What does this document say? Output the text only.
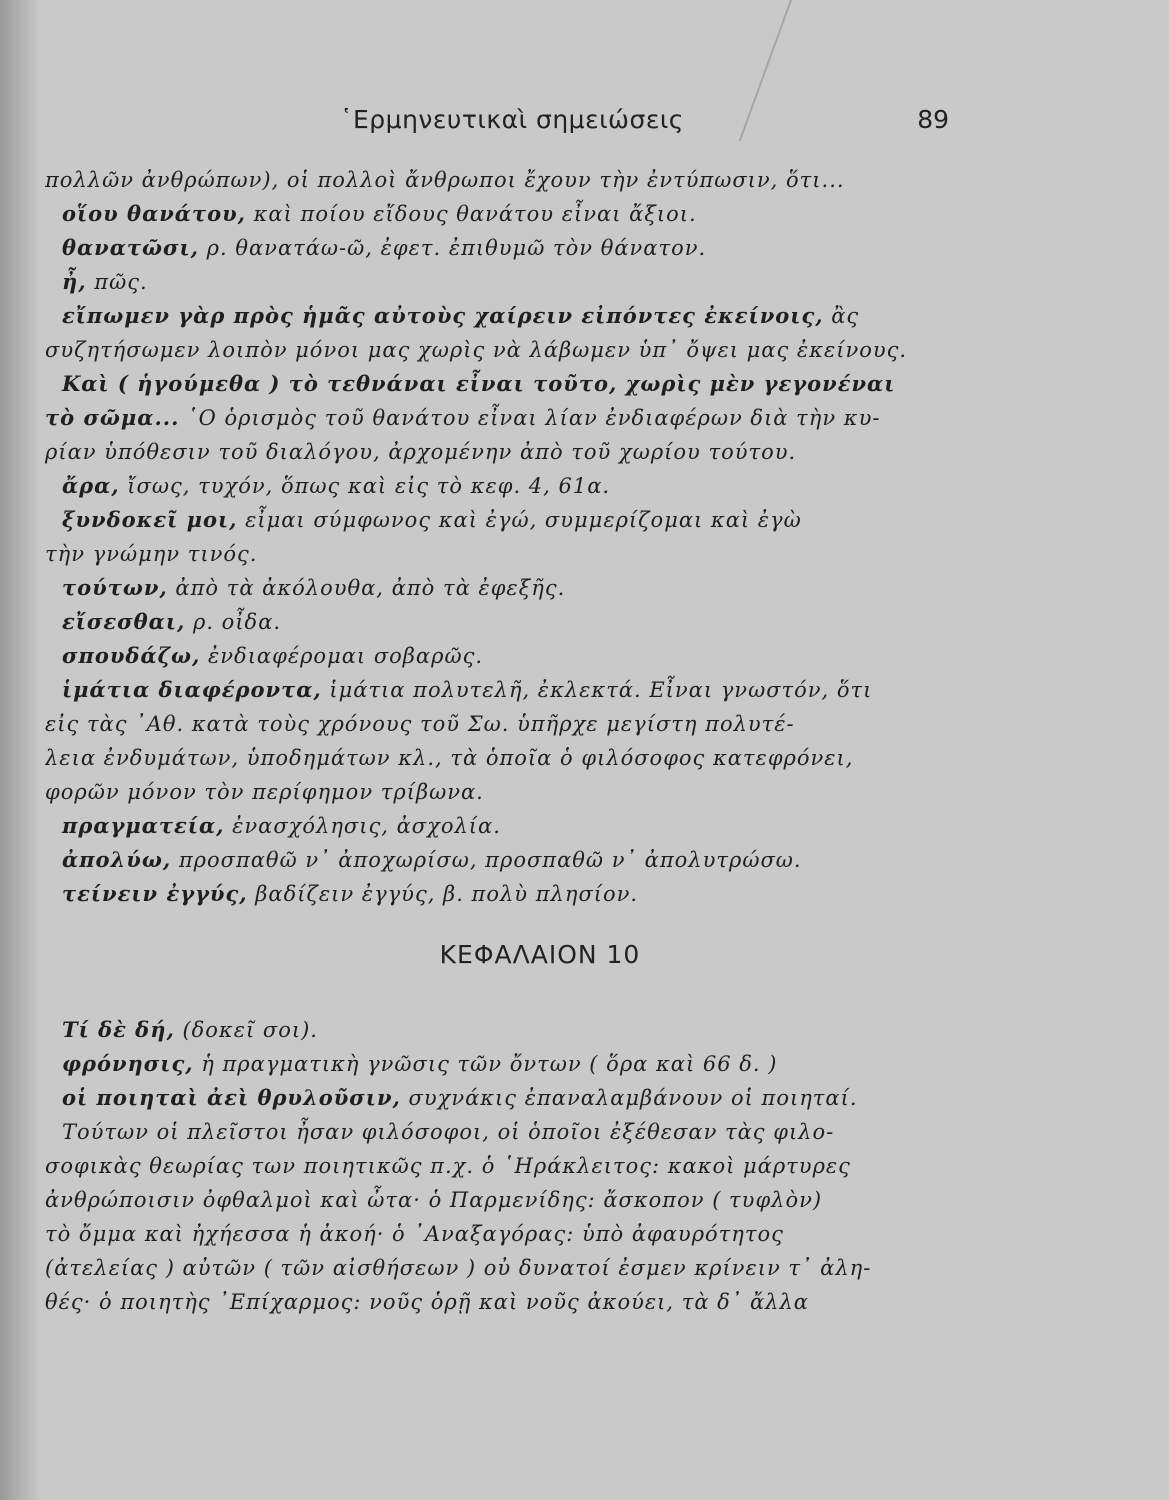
῾Ερμηνευτικαὶ σημειώσεις	89
πολλῶν ἀνθρώπων), οἱ πολλοὶ ἄνθρωποι ἔχουν τὴν ἐντύπωσιν, ὅτι...
οἵου θανάτου, καὶ ποίου εἴδους θανάτου εἶναι ἄξιοι.
θανατῶσι, ρ. θανατάω-ῶ, ἐφετ. ἐπιθυμῶ τὸν θάνατον.
ἦ, πῶς.
εἴπωμεν γὰρ πρὸς ἡμᾶς αὐτοὺς χαίρειν εἰπόντες ἐκείνοις, ἂς
συζητήσωμεν λοιπὸν μόνοι μας χωρὶς νὰ λάβωμεν ὑπ᾿ ὄψει μας ἐκείνους.
Καὶ ( ἡγούμεθα ) τὸ τεθνάναι εἶναι τοῦτο, χωρὶς μὲν γεγονέναι
τὸ σῶμα... ῾Ο ὁρισμὸς τοῦ θανάτου εἶναι λίαν ἐνδιαφέρων διὰ τὴν κυ-
ρίαν ὑπόθεσιν τοῦ διαλόγου, ἀρχομένην ἀπὸ τοῦ χωρίου τούτου.
ἄρα, ἴσως, τυχόν, ὅπως καὶ εἰς τὸ κεφ. 4, 61α.
ξυνδοκεῖ μοι, εἶμαι σύμφωνος καὶ ἐγώ, συμμερίζομαι καὶ ἐγὼ
τὴν γνώμην τινός.
τούτων, ἀπὸ τὰ ἀκόλουθα, ἀπὸ τὰ ἐφεξῆς.
εἴσεσθαι, ρ. οἶδα.
σπουδάζω, ἐνδιαφέρομαι σοβαρῶς.
ἱμάτια διαφέροντα, ἱμάτια πολυτελῆ, ἐκλεκτά. Εἶναι γνωστόν, ὅτι
εἰς τὰς ᾿Αθ. κατὰ τοὺς χρόνους τοῦ Σω. ὑπῆρχε μεγίστη πολυτέ-
λεια ἐνδυμάτων, ὑποδημάτων κλ., τὰ ὁποῖα ὁ φιλόσοφος κατεφρόνει,
φορῶν μόνον τὸν περίφημον τρίβωνα.
πραγματεία, ἐνασχόλησις, ἀσχολία.
ἀπολύω, προσπαθῶ ν᾿ ἀποχωρίσω, προσπαθῶ ν᾿ ἀπολυτρώσω.
τείνειν ἐγγύς, βαδίζειν ἐγγύς, β. πολὺ πλησίον.
ΚΕΦΑΛΑΙΟΝ 10
Τί δὲ δή, (δοκεῖ σοι).
φρόνησις, ἡ πραγματικὴ γνῶσις τῶν ὄντων ( ὅρα καὶ 66 δ. )
οἱ ποιηταὶ ἀεὶ θρυλοῦσιν, συχνάκις ἐπαναλαμβάνουν οἱ ποιηταί.
Τούτων οἱ πλεῖστοι ἦσαν φιλόσοφοι, οἱ ὁποῖοι ἐξέθεσαν τὰς φιλο-
σοφικὰς θεωρίας των ποιητικῶς π.χ. ὁ ῾Ηράκλειτος: κακοὶ μάρτυρες
ἀνθρώποισιν ὀφθαλμοὶ καὶ ὦτα· ὁ Παρμενίδης: ἄσκοπον ( τυφλὸν)
τὸ ὄμμα καὶ ἠχήεσσα ἡ ἀκοή· ὁ ᾿Αναξαγόρας: ὑπὸ ἀφαυρότητος
(ἀτελείας ) αὐτῶν ( τῶν αἰσθήσεων ) οὐ δυνατοί ἐσμεν κρίνειν τ᾿ ἀλη-
θές· ὁ ποιητὴς ᾿Επίχαρμος: νοῦς ὁρῇ καὶ νοῦς ἀκούει, τὰ δ᾿ ἄλλα
